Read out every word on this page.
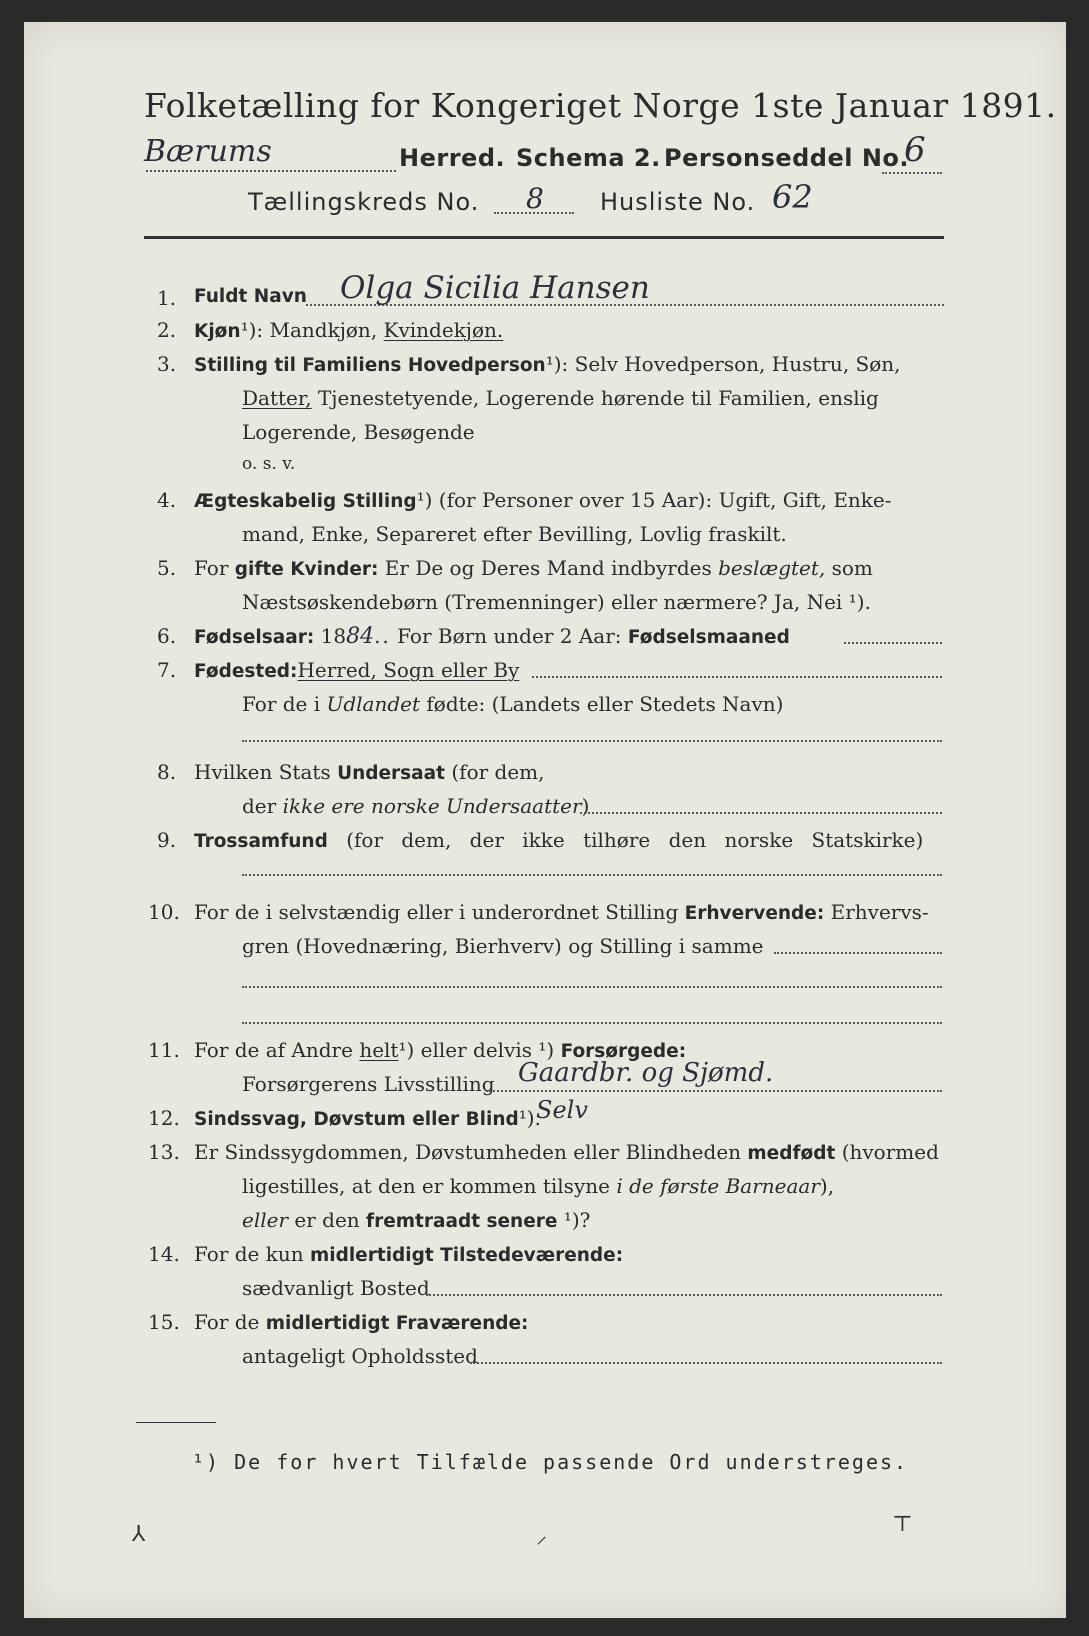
Folketælling for Kongeriget Norge 1ste Januar 1891.
Bærums	Herred. Schema 2. Personseddel No.
6
Tællingskreds No. 8 Husliste No. 62
1. Fuldt Navn Olga Sicilia Hansen
2. Kjøn¹): Mandkjøn, Kvindekjøn.
3. Stilling til Familiens Hovedperson¹): Selv Hovedperson, Hustru, Søn,
Datter, Tjenestetyende, Logerende hørende til Familien, enslig
Logerende, Besøgende
o. s. v.
4. Ægteskabelig Stilling¹) (for Personer over 15 Aar): Ugift, Gift, Enke-
mand, Enke, Separeret efter Bevilling, Lovlig fraskilt.
5. For gifte Kvinder: Er De og Deres Mand indbyrdes beslægtet, som
Næstsøskendebørn (Tremenninger) eller nærmere? Ja, Nei ¹).
6. Fødselsaar: 1884.. For Børn under 2 Aar: Fødselsmaaned
7. Fødested:Herred, Sogn eller By
For de i Udlandet fødte: (Landets eller Stedets Navn)
8. Hvilken Stats Undersaat (for dem,
der ikke ere norske Undersaatter)
9. Trossamfund (for dem, der ikke tilhøre den norske Statskirke)
10. For de i selvstændig eller i underordnet Stilling Erhvervende: Erhvervs-
gren (Hovednæring, Bierhverv) og Stilling i samme
11. For de af Andre helt¹) eller delvis ¹) Forsørgede:
Forsørgerens Livsstilling Gaardbr. og Sjømd.
12. Sindssvag, Døvstum eller Blind¹).
Selv
13. Er Sindssygdommen, Døvstumheden eller Blindheden medfødt (hvormed
ligestilles, at den er kommen tilsyne i de første Barneaar),
eller er den fremtraadt senere ¹)?
14. For de kun midlertidigt Tilstedeværende:
sædvanligt Bosted
15. For de midlertidigt Fraværende:
antageligt Opholdssted
¹) De for hvert Tilfælde passende Ord understreges.
⅄	⸝	⊤
